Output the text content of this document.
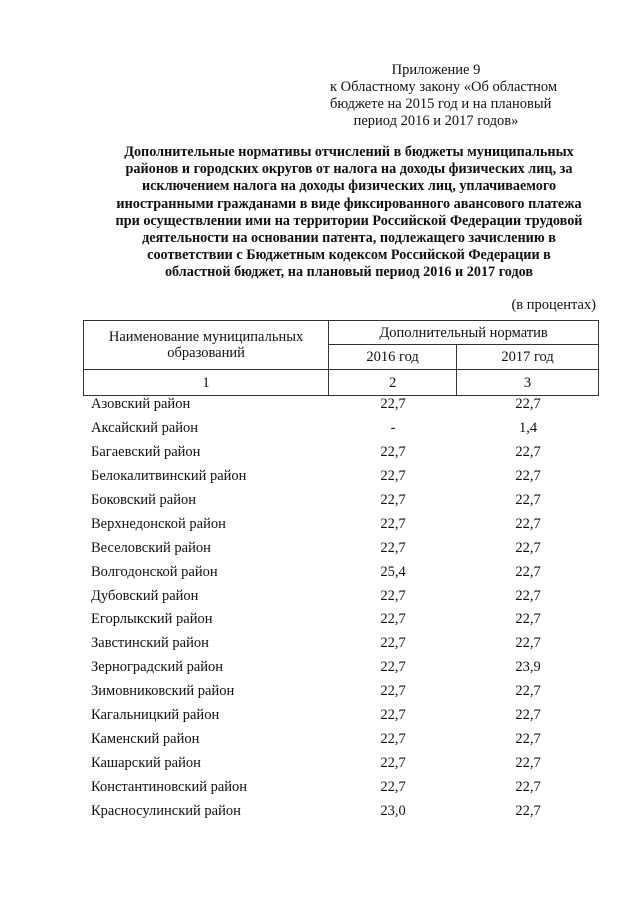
Приложение 9
к Областному закону «Об областном
бюджете на 2015 год и на плановый
период 2016 и 2017 годов»
Дополнительные нормативы отчислений в бюджеты муниципальных
районов и городских округов от налога на доходы физических лиц, за
исключением налога на доходы физических лиц, уплачиваемого
иностранными гражданами в виде фиксированного авансового платежа
при осуществлении ими на территории Российской Федерации трудовой
деятельности на основании патента, подлежащего зачислению в
соответствии с Бюджетным кодексом Российской Федерации в
областной бюджет, на плановый период 2016 и 2017 годов
(в процентах)
Наименование муниципальных
образований	Дополнительный норматив	
	2016 год	2017 год
1	2	3
Азовский район	22,7	22,7
Аксайский район	-	1,4
Багаевский район	22,7	22,7
Белокалитвинский район	22,7	22,7
Боковский район	22,7	22,7
Верхнедонской район	22,7	22,7
Веселовский район	22,7	22,7
Волгодонской район	25,4	22,7
Дубовский район	22,7	22,7
Егорлыкский район	22,7	22,7
Завстинский район	22,7	22,7
Зерноградский район	22,7	23,9
Зимовниковский район	22,7	22,7
Кагальницкий район	22,7	22,7
Каменский район	22,7	22,7
Кашарский район	22,7	22,7
Константиновский район	22,7	22,7
Красносулинский район	23,0	22,7
